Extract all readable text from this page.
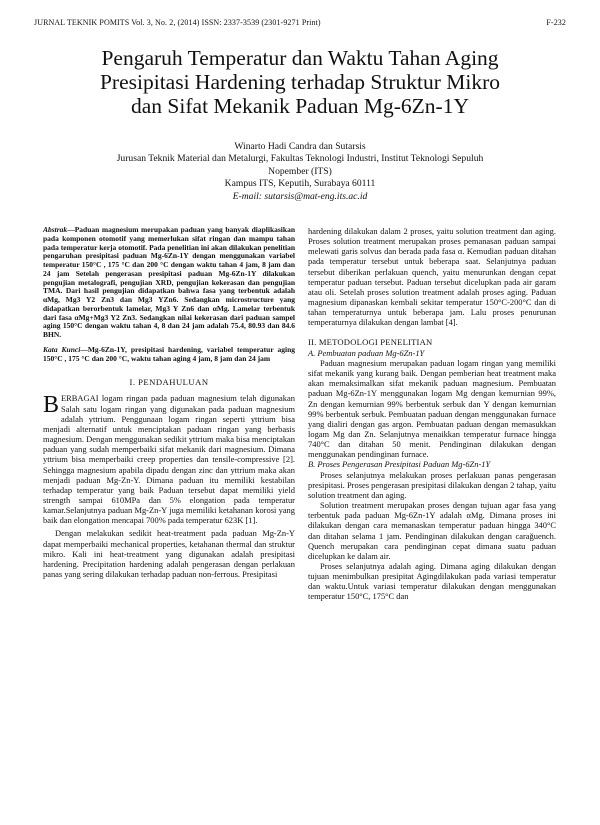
JURNAL TEKNIK POMITS Vol. 3, No. 2, (2014) ISSN: 2337-3539 (2301-9271 Print)	F-232
Pengaruh Temperatur dan Waktu Tahan Aging
Presipitasi Hardening terhadap Struktur Mikro
dan Sifat Mekanik Paduan Mg-6Zn-1Y
Winarto Hadi Candra dan Sutarsis
Jurusan Teknik Material dan Metalurgi, Fakultas Teknologi Industri, Institut Teknologi Sepuluh
Nopember (ITS)
Kampus ITS, Keputih, Surabaya 60111
E-mail: sutarsis@mat-eng.its.ac.id

Abstrak—Paduan magnesium merupakan paduan yang banyak diaplikasikan pada komponen otomotif yang memerlukan sifat ringan dan mampu tahan pada temperatur kerja otomotif. Pada penelitian ini akan dilakukan penelitian pengaruhan presipitasi paduan Mg-6Zn-1Y dengan menggunakan variabel temperatur 150°C , 175 °C dan 200 °C dengan waktu tahan 4 jam, 8 jam dan 24 jam Setelah pengerasan presipitasi paduan Mg-6Zn-1Y dilakukan pengujian metalografi, pengujian XRD, pengujian kekerasan dan pengujian TMA. Dari hasil pengujian didapatkan bahwa fasa yang terbentuk adalah αMg, Mg3 Y2 Zn3 dan Mg3 YZn6. Sedangkan microstructure yang didapatkan berorbentuk lamelar, Mg3 Y Zn6 dan αMg. Lamelar terbentuk dari fasa αMg+Mg3 Y2 Zn3. Sedangkan nilai kekerasan dari paduan sampel aging 150°C dengan waktu tahan 4, 8 dan 24 jam adalah 75.4, 80.93 dan 84.6 BHN.

Kata Kunci—Mg-6Zn-1Y, presipitasi hardening, variabel temperatur aging 150°C , 175 °C dan 200 °C, waktu tahan aging 4 jam, 8 jam dan 24 jam

I. PENDAHULUAN

BERBAGAI logam ringan pada paduan magnesium telah digunakan Salah satu logam ringan yang digunakan pada paduan magnesium adalah yttrium. Penggunaan logam ringan seperti yttrium bisa menjadi alternatif untuk menciptakan paduan ringan yang berbasis magnesium. Dengan menggunakan sedikit yttrium maka bisa menciptakan paduan yang sudah memperbaiki sifat mekanik dari magnesium. Dimana yttrium bisa memperbaiki creep properties dan tensile-compressive [2]. Sehingga magnesium apabila dipadu dengan zinc dan yttrium maka akan menjadi paduan Mg-Zn-Y. Dimana paduan itu memiliki kestabilan terhadap temperatur yang baik Paduan tersebut dapat memiliki yield strength sampai 610MPa dan 5% elongation pada temperatur kamar.Selanjutnya paduan Mg-Zn-Y juga memiliki ketahanan korosi yang baik dan elongation mencapai 700% pada temperatur 623K [1].

Dengan melakukan sedikit heat-treatment pada paduan Mg-Zn-Y dapat memperbaiki mechanical properties, ketahanan thermal dan struktur mikro. Kali ini heat-treatment yang digunakan adalah presipitasi hardening. Precipitation hardening adalah pengerasan dengan perlakuan panas yang sering dilakukan terhadap paduan non-ferrous. Presipitasi

hardening dilakukan dalam 2 proses, yaitu solution treatment dan aging. Proses solution treatment merupakan proses pemanasan paduan sampai melewati garis solvus dan berada pada fasa α. Kemudian paduan ditahan pada temperatur tersebut untuk beberapa saat. Selanjutnya paduan tersebut diberikan perlakuan quench, yaitu menurunkan dengan cepat temperatur paduan tersebut. Paduan tersebut dicelupkan pada air garam atau oli. Setelah proses solution treatment adalah proses aging. Paduan magnesium dipanaskan kembali sekitar temperatur 150°C-200°C dan di tahan temperaturnya untuk beberapa jam. Lalu proses penurunan temperaturnya dilakukan dengan lambat [4].

II. METODOLOGI PENELITIAN

A. Pembuatan paduan Mg-6Zn-1Y

Paduan magnesium merupakan paduan logam ringan yang memiliki sifat mekanik yang kurang baik. Dengan pemberian heat treatment maka akan memaksimalkan sifat mekanik paduan magnesium. Pembuatan paduan Mg-6Zn-1Y menggunakan logam Mg dengan kemurnian 99%, Zn dengan kemurnian 99% berbentuk serbuk dan Y dengan kemurnian 99% berbentuk serbuk. Pembuatan paduan dengan menggunakan furnace yang dialiri dengan gas argon. Pembuatan paduan dengan memasukkan logam Mg dan Zn. Selanjutnya menaikkan temperatur furnace hingga 740°C dan ditahan 50 menit. Pendinginan dilakukan dengan menggunakan pendinginan furnace.

B. Proses Pengerasan Presipitasi Paduan Mg-6Zn-1Y

Proses selanjutnya melakukan proses perlakuan panas pengerasan presipitasi. Proses pengerasan presipitasi dilakukan dengan 2 tahap, yaitu solution treatment dan aging.

Solution treatment merupakan proses dengan tujuan agar fasa yang terbentuk pada paduan Mg-6Zn-1Y adalah αMg. Dimana proses ini dilakukan dengan cara memanaskan temperatur paduan hingga 340°C dan ditahan selama 1 jam. Pendinginan dilakukan dengan carağuench. Quench merupakan cara pendinginan cepat dimana suatu paduan dicelupkan ke dalam air.

Proses selanjutnya adalah aging. Dimana aging dilakukan dengan tujuan menimbulkan presipitat Agingdilakukan pada variasi temperatur dan waktu.Untuk variasi temperatur dilakukan dengan menggunakan temperatur 150°C, 175°C dan
